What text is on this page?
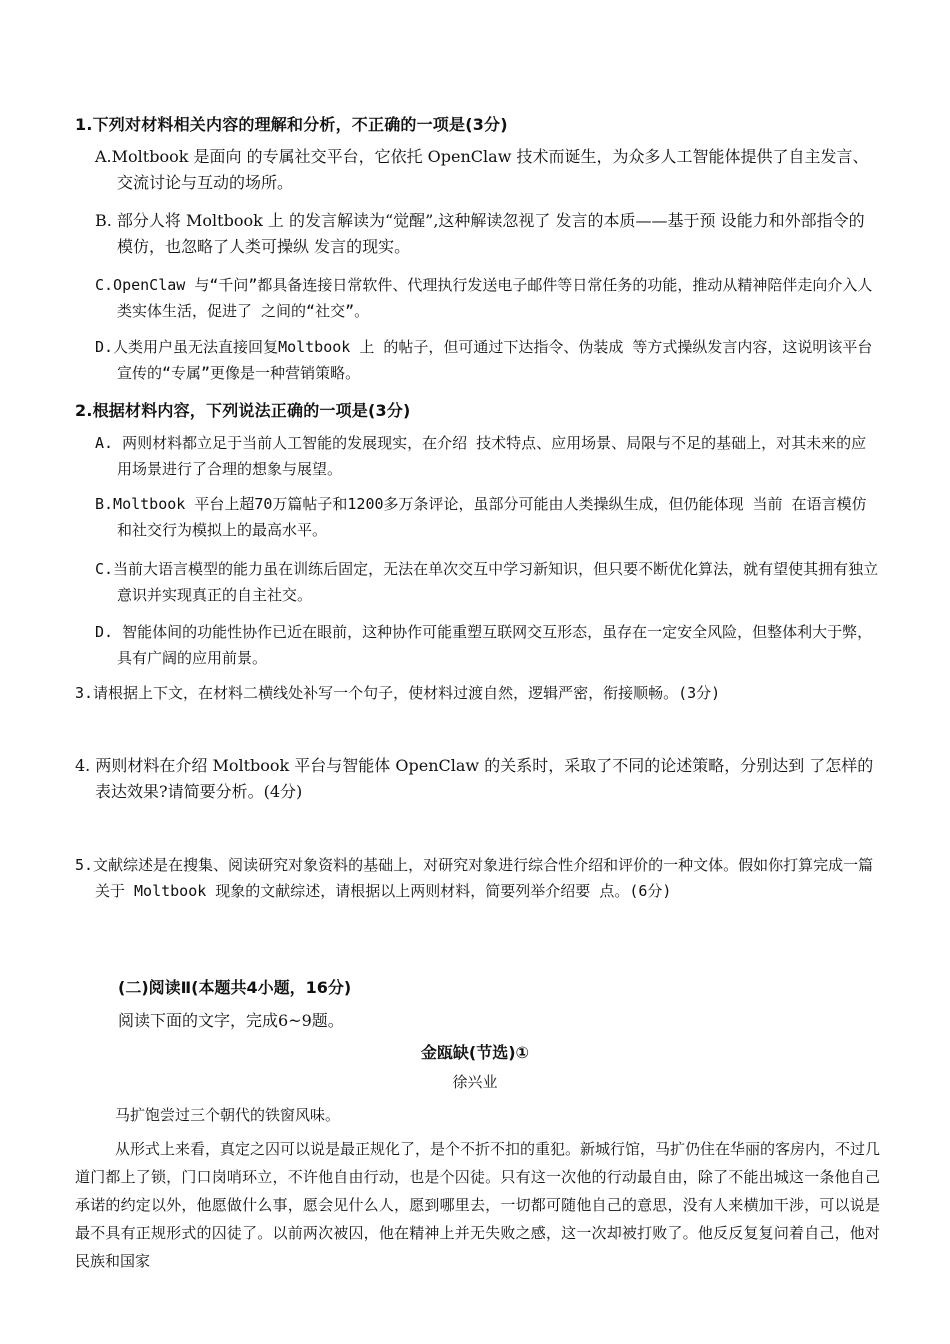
1.下列对材料相关内容的理解和分析，不正确的一项是(3分)
A.Moltbook 是面向 的专属社交平台，它依托 OpenClaw 技术而诞生，为众多人工智能体提供了自主发言、交流讨论与互动的场所。
B. 部分人将 Moltbook 上 的发言解读为“觉醒”,这种解读忽视了 发言的本质——基于预 设能力和外部指令的模仿，也忽略了人类可操纵 发言的现实。
C.OpenClaw 与“千问”都具备连接日常软件、代理执行发送电子邮件等日常任务的功能，推动从精神陪伴走向介入人类实体生活，促进了 之间的“社交”。
D.人类用户虽无法直接回复Moltbook 上 的帖子，但可通过下达指令、伪装成 等方式操纵发言内容，这说明该平台宣传的“专属”更像是一种营销策略。
2.根据材料内容，下列说法正确的一项是(3分)
A. 两则材料都立足于当前人工智能的发展现实，在介绍 技术特点、应用场景、局限与不足的基础上，对其未来的应用场景进行了合理的想象与展望。
B.Moltbook 平台上超70万篇帖子和1200多万条评论，虽部分可能由人类操纵生成，但仍能体现 当前 在语言模仿和社交行为模拟上的最高水平。
C.当前大语言模型的能力虽在训练后固定，无法在单次交互中学习新知识，但只要不断优化算法，就有望使其拥有独立意识并实现真正的自主社交。
D. 智能体间的功能性协作已近在眼前，这种协作可能重塑互联网交互形态，虽存在一定安全风险，但整体利大于弊，具有广阔的应用前景。
3.请根据上下文，在材料二横线处补写一个句子，使材料过渡自然，逻辑严密，衔接顺畅。(3分)
4. 两则材料在介绍 Moltbook 平台与智能体 OpenClaw 的关系时，采取了不同的论述策略，分别达到 了怎样的表达效果?请简要分析。(4分)
5.文献综述是在搜集、阅读研究对象资料的基础上，对研究对象进行综合性介绍和评价的一种文体。假如你打算完成一篇关于 Moltbook 现象的文献综述，请根据以上两则材料，简要列举介绍要 点。(6分)
(二)阅读Ⅱ(本题共4小题，16分)
阅读下面的文字，完成6~9题。
金瓯缺(节选)①
徐兴业
马扩饱尝过三个朝代的铁窗风味。
从形式上来看，真定之囚可以说是最正规化了，是个不折不扣的重犯。新城行馆，马扩仍住在华丽的客房内，不过几道门都上了锁，门口岗哨环立，不许他自由行动，也是个囚徒。只有这一次他的行动最自由，除了不能出城这一条他自己承诺的约定以外，他愿做什么事，愿会见什么人，愿到哪里去，一切都可随他自己的意思，没有人来横加干涉，可以说是最不具有正规形式的囚徒了。以前两次被囚，他在精神上并无失败之感，这一次却被打败了。他反反复复问着自己，他对民族和国家
